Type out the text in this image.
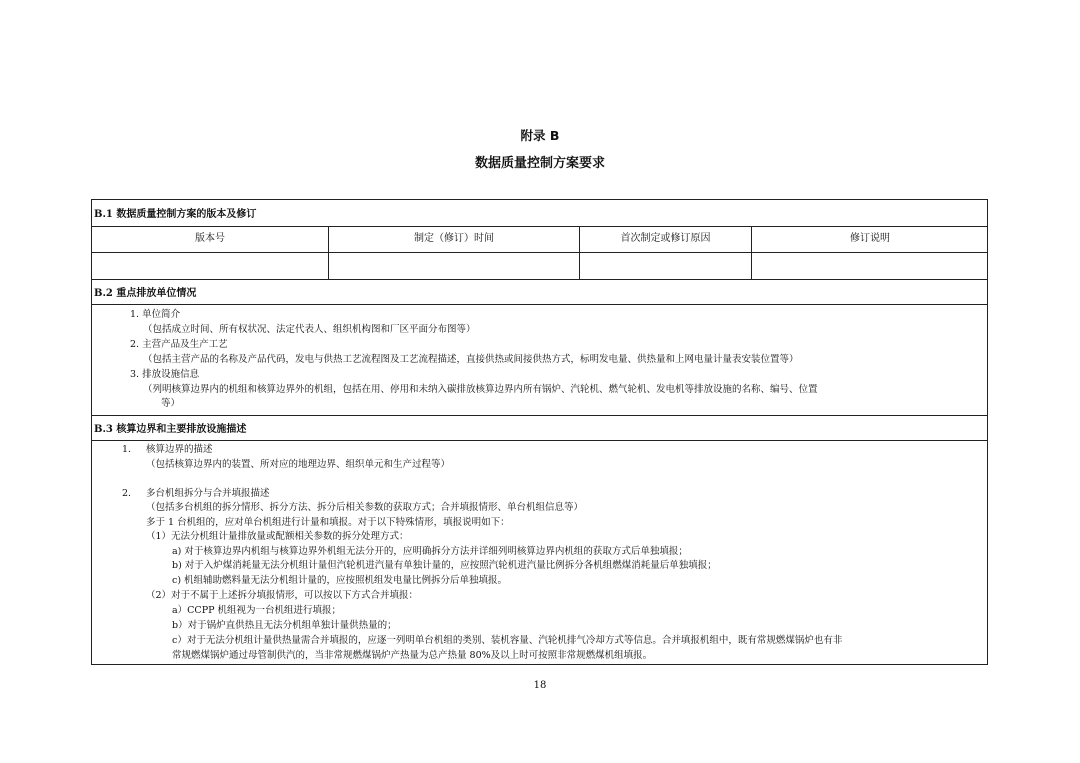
附录 B
数据质量控制方案要求
B.1 数据质量控制方案的版本及修订
版本号	制定（修订）时间	首次制定或修订原因	修订说明
B.2 重点排放单位情况
1. 单位简介
（包括成立时间、所有权状况、法定代表人、组织机构图和厂区平面分布图等）
2. 主营产品及生产工艺
（包括主营产品的名称及产品代码，发电与供热工艺流程图及工艺流程描述，直接供热或间接供热方式，标明发电量、供热量和上网电量计量表安装位置等）
3. 排放设施信息
（列明核算边界内的机组和核算边界外的机组，包括在用、停用和未纳入碳排放核算边界内所有锅炉、汽轮机、燃气轮机、发电机等排放设施的名称、编号、位置
等）
B.3 核算边界和主要排放设施描述
1. 核算边界的描述
（包括核算边界内的装置、所对应的地理边界、组织单元和生产过程等）
2. 多台机组拆分与合并填报描述
（包括多台机组的拆分情形、拆分方法、拆分后相关参数的获取方式；合并填报情形、单台机组信息等）
多于 1 台机组的，应对单台机组进行计量和填报。对于以下特殊情形，填报说明如下：
（1）无法分机组计量排放量或配额相关参数的拆分处理方式：
a) 对于核算边界内机组与核算边界外机组无法分开的，应明确拆分方法并详细列明核算边界内机组的获取方式后单独填报；
b) 对于入炉煤消耗量无法分机组计量但汽轮机进汽量有单独计量的，应按照汽轮机进汽量比例拆分各机组燃煤消耗量后单独填报；
c) 机组辅助燃料量无法分机组计量的，应按照机组发电量比例拆分后单独填报。
（2）对于不属于上述拆分填报情形，可以按以下方式合并填报：
a）CCPP 机组视为一台机组进行填报；
b）对于锅炉直供热且无法分机组单独计量供热量的；
c）对于无法分机组计量供热量需合并填报的，应逐一列明单台机组的类别、装机容量、汽轮机排气冷却方式等信息。合并填报机组中，既有常规燃煤锅炉也有非
常规燃煤锅炉通过母管制供汽的，当非常规燃煤锅炉产热量为总产热量 80%及以上时可按照非常规燃煤机组填报。
18
